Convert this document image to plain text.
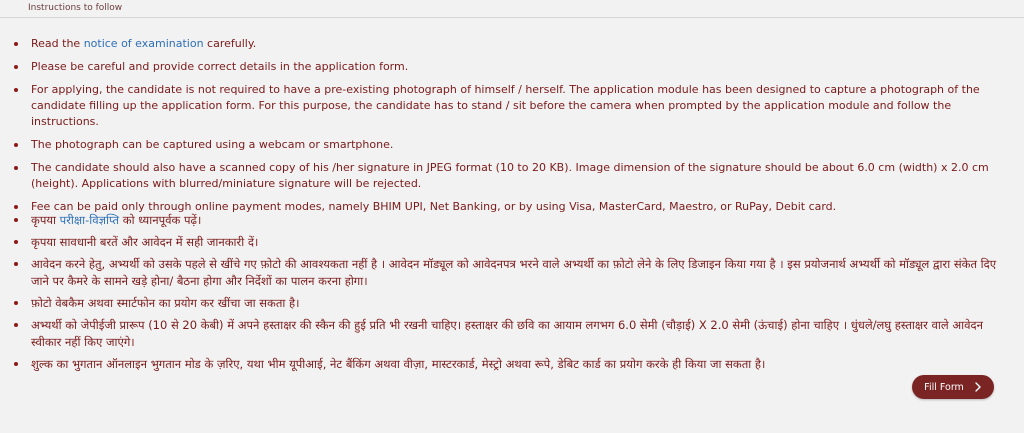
Instructions to follow
Read the notice of examination carefully.
Please be careful and provide correct details in the application form.
For applying, the candidate is not required to have a pre-existing photograph of himself / herself. The application module has been designed to capture a photograph of the candidate filling up the application form. For this purpose, the candidate has to stand / sit before the camera when prompted by the application module and follow the instructions.
The photograph can be captured using a webcam or smartphone.
The candidate should also have a scanned copy of his /her signature in JPEG format (10 to 20 KB). Image dimension of the signature should be about 6.0 cm (width) x 2.0 cm (height). Applications with blurred/miniature signature will be rejected.
Fee can be paid only through online payment modes, namely BHIM UPI, Net Banking, or by using Visa, MasterCard, Maestro, or RuPay, Debit card.
कृपया परीक्षा-विज्ञप्ति को ध्यानपूर्वक पढ़ें।
कृपया सावधानी बरतें और आवेदन में सही जानकारी दें।
आवेदन करने हेतु, अभ्यर्थी को उसके पहले से खींचे गए फ़ोटो की आवश्यकता नहीं है । आवेदन मॉड्यूल को आवेदनपत्र भरने वाले अभ्यर्थी का फ़ोटो लेने के लिए डिजाइन किया गया है । इस प्रयोजनार्थ अभ्यर्थी को मॉड्यूल द्वारा संकेत दिए जाने पर कैमरे के सामने खड़े होना/ बैठना होगा और निर्देशों का पालन करना होगा।
फ़ोटो वेबकैम अथवा स्मार्टफोन का प्रयोग कर खींचा जा सकता है।
अभ्यर्थी को जेपीईजी प्रारूप (10 से 20 केबी) में अपने हस्ताक्षर की स्कैन की हुई प्रति भी रखनी चाहिए। हस्ताक्षर की छवि का आयाम लगभग 6.0 सेमी (चौड़ाई) X 2.0 सेमी (ऊंचाई) होना चाहिए । धुंधले/लघु हस्ताक्षर वाले आवेदन स्वीकार नहीं किए जाएंगे।
शुल्क का भुगतान ऑनलाइन भुगतान मोड के ज़रिए, यथा भीम यूपीआई, नेट बैंकिंग अथवा वीज़ा, मास्टरकार्ड, मेस्ट्रो अथवा रूपे, डेबिट कार्ड का प्रयोग करके ही किया जा सकता है।
Fill Form
